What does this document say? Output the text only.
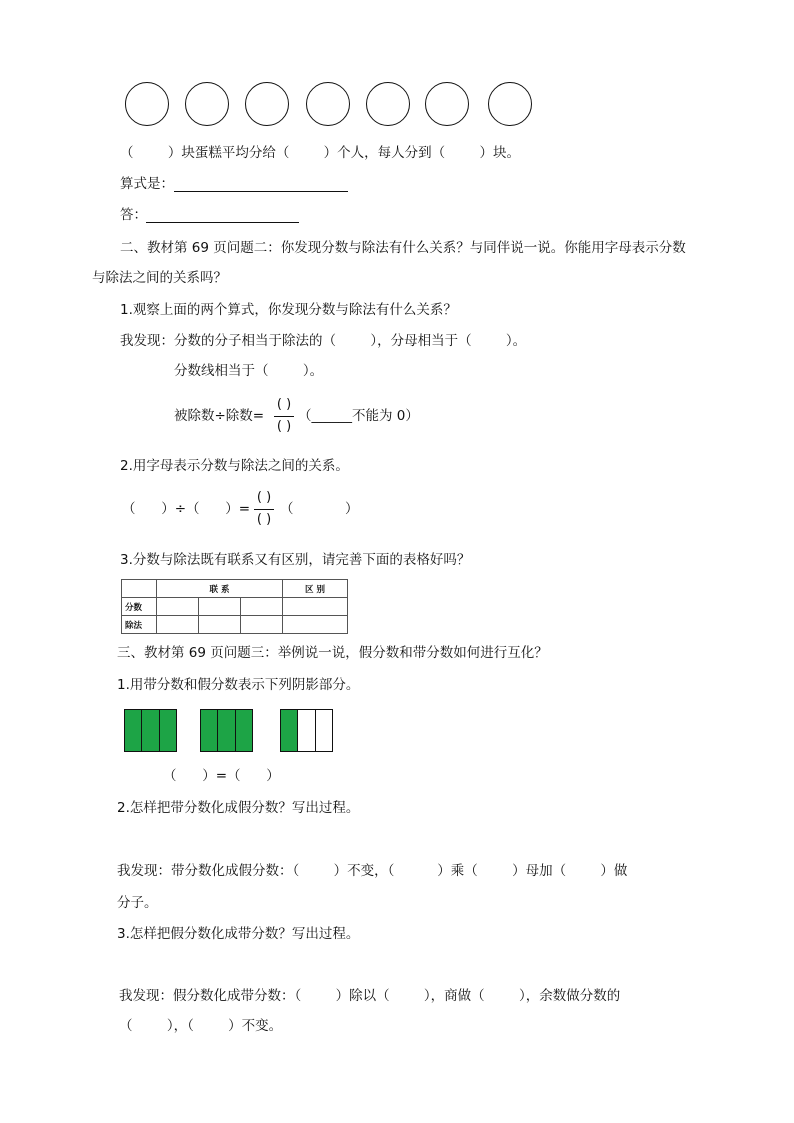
（        ）块蛋糕平均分给（        ）个人，每人分到（        ）块。
算式是：
答：
二、教材第 69 页问题二：你发现分数与除法有什么关系？与同伴说一说。你能用字母表示分数
与除法之间的关系吗？
1.观察上面的两个算式，你发现分数与除法有什么关系？
我发现：分数的分子相当于除法的（        ），分母相当于（        ）。
分数线相当于（        ）。
被除数÷除数=
( )
( )
（______不能为 0）
2.用字母表示分数与除法之间的关系。
（      ）÷（      ）=
( )
( )
（            ）
3.分数与除法既有联系又有区别，请完善下面的表格好吗？
	联 系			区 别
分数				
除法				
三、教材第 69 页问题三：举例说一说，假分数和带分数如何进行互化？
1.用带分数和假分数表示下列阴影部分。
（      ）=（      ）
2.怎样把带分数化成假分数？写出过程。
我发现：带分数化成假分数：（        ）不变，（          ）乘（        ）母加（        ）做
分子。
3.怎样把假分数化成带分数？写出过程。
我发现：假分数化成带分数：（        ）除以（        ），商做（        ），余数做分数的
（        ），（        ）不变。
